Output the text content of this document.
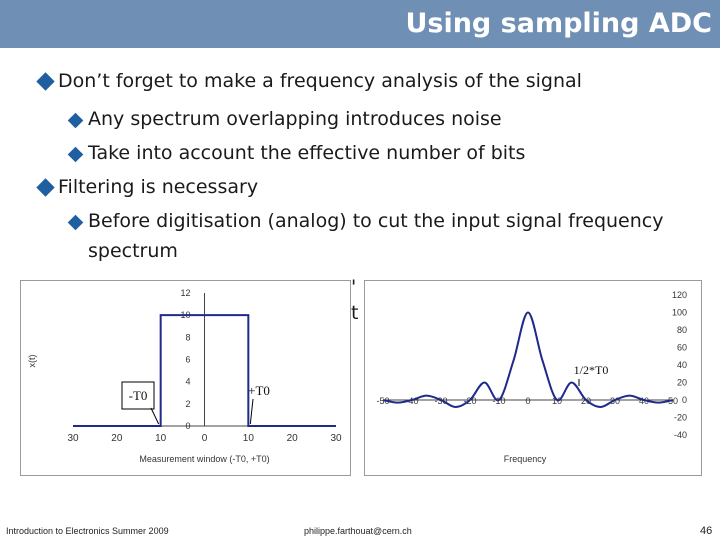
Using sampling ADC
Don’t forget to make a frequency analysis of the signal
Any spectrum overlapping introduces noise
Take into account the effective number of bits
Filtering is necessary
Before digitisation (analog) to cut the input signal frequency
spectrum
'
t
30	20	10	0	10	20	30
12
10
8
6
4
2
0
Measurement window (-T0, +T0)
x(t)
-T0	+T0
-50 -40 -30 -20 -10 0 10 20 30 40 50
120
100
80
60
40
20
0
-20
-40
Frequency
1/2*T0
Introduction to Electronics Summer 2009	philippe.farthouat@cern.ch	46
